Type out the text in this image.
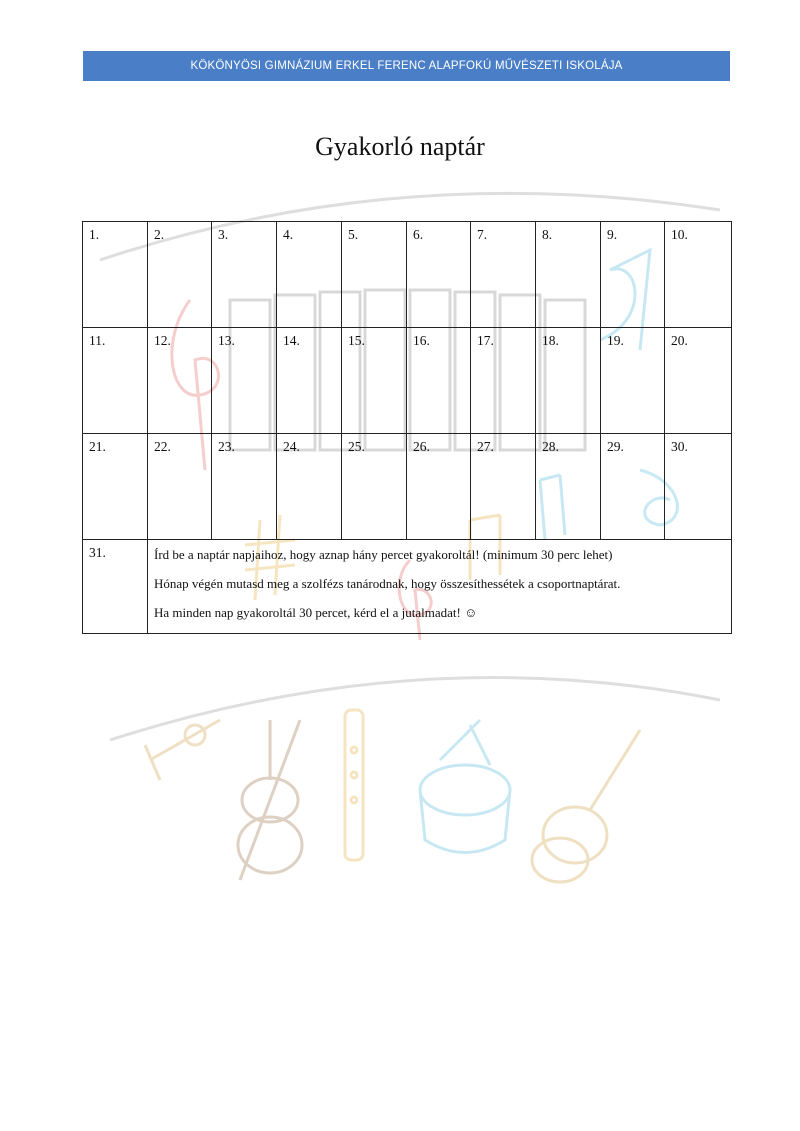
KÖKÖNYÖSI GIMNÁZIUM ERKEL FERENC ALAPFOKÚ MŰVÉSZETI ISKOLÁJA
Gyakorló naptár
1.	2.	3.	4.	5.	6.	7.	8.	9.	10.
11.	12.	13.	14.	15.	16.	17.	18.	19.	20.
21.	22.	23.	24.	25.	26.	27.	28.	29.	30.
31.	Írd be a naptár napjaihoz, hogy aznap hány percet gyakoroltál! (minimum 30 perc lehet)

Hónap végén mutasd meg a szolfézs tanárodnak, hogy összesíthessétek a csoportnaptárat.

Ha minden nap gyakoroltál 30 percet, kérd el a jutalmadat! ☺								
